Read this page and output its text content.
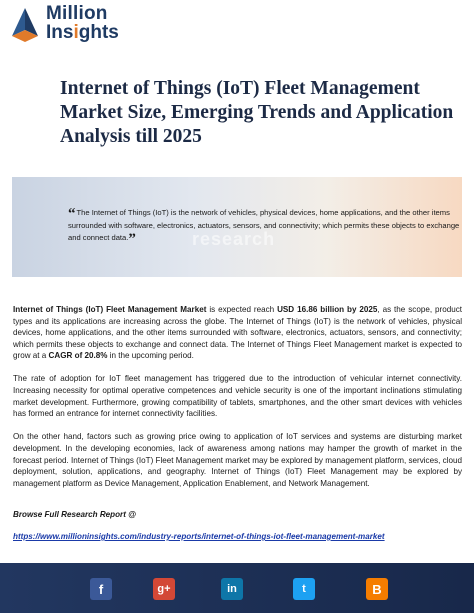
Million
Insights
Internet of Things (IoT) Fleet Management Market Size, Emerging Trends and Application Analysis till 2025
research
“The Internet of Things (IoT) is the network of vehicles, physical devices, home applications, and the other items surrounded with software, electronics, actuators, sensors, and connectivity; which permits these objects to exchange and connect data.”

Internet of Things (IoT) Fleet Management Market is expected reach USD 16.86 billion by 2025, as the scope, product types and its applications are increasing across the globe. The Internet of Things (IoT) is the network of vehicles, physical devices, home applications, and the other items surrounded with software, electronics, actuators, sensors, and connectivity; which permits these objects to exchange and connect data. The Internet of Things Fleet Management market is expected to grow at a CAGR of 20.8% in the upcoming period.

The rate of adoption for IoT fleet management has triggered due to the introduction of vehicular internet connectivity. Increasing necessity for optimal operative competences and vehicle security is one of the important inclinations stimulating market development. Furthermore, growing compatibility of tablets, smartphones, and the other smart devices with vehicles has formed an entrance for internet connectivity facilities.

On the other hand, factors such as growing price owing to application of IoT services and systems are disturbing market development. In the developing economies, lack of awareness among nations may hamper the growth of market in the forecast period. Internet of Things (IoT) Fleet Management market may be explored by management platform, services, cloud deployment, solution, applications, and geography. Internet of Things (IoT) Fleet Management may be explored by management platform as Device Management, Application Enablement, and Network Management.

Browse Full Research Report @
https://www.millioninsights.com/industry-reports/internet-of-things-iot-fleet-management-market
f	g+	in	t	B
